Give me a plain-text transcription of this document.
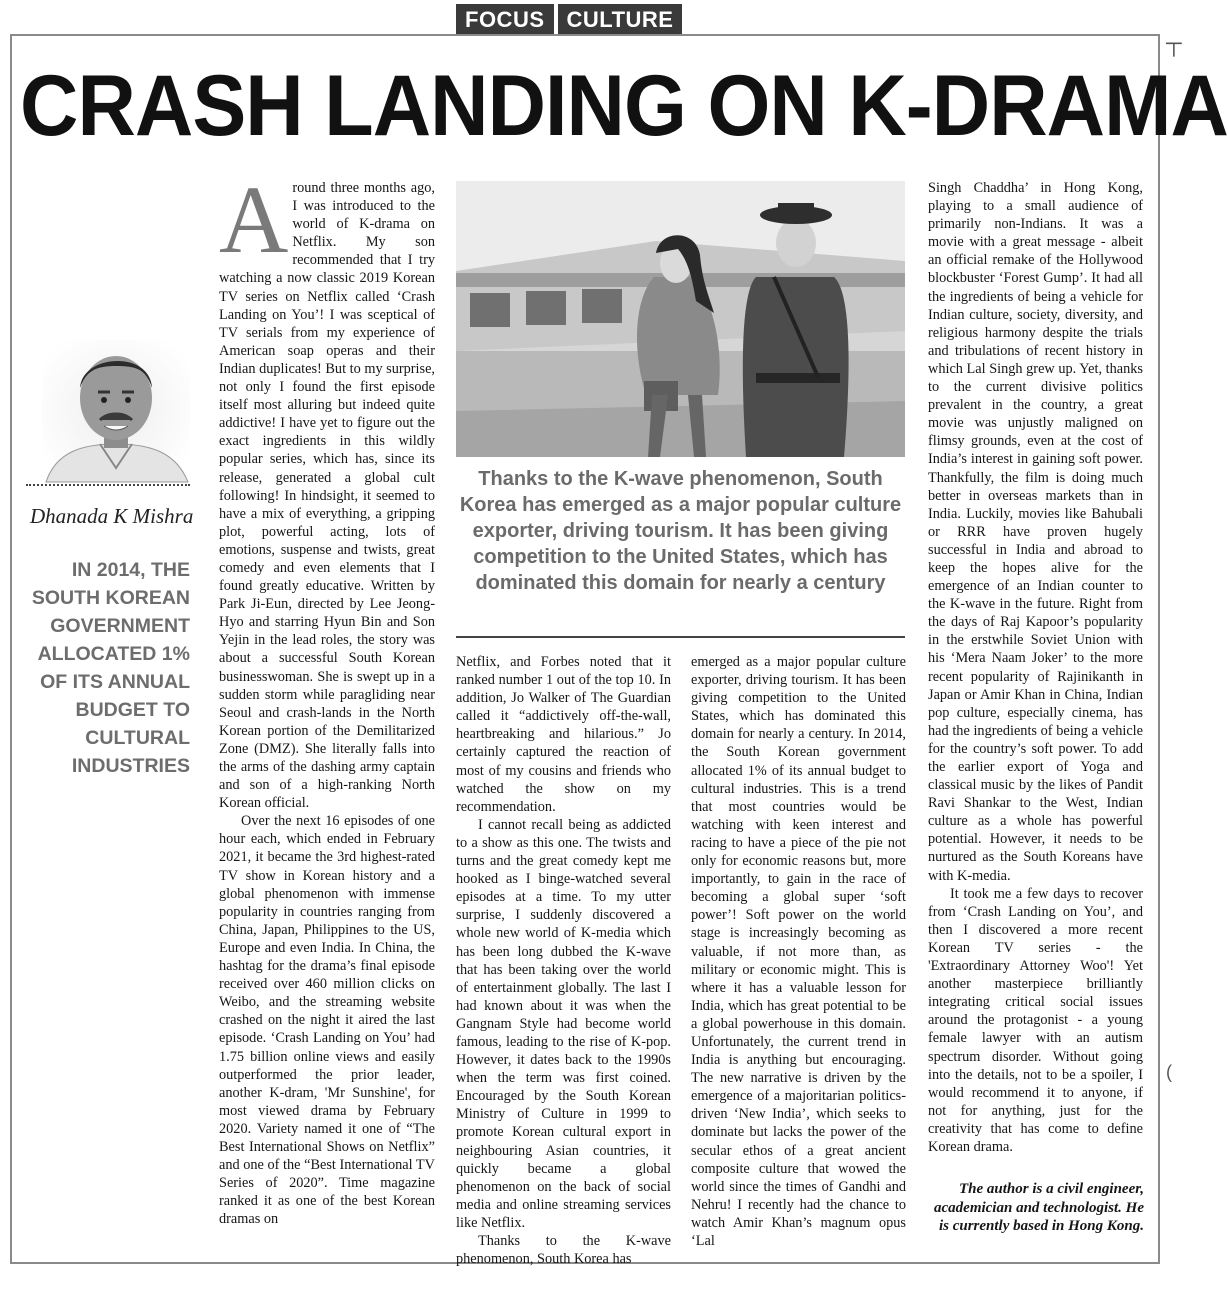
FOCUS	CULTURE
┬
(
CRASH LANDING ON K-DRAMA
Dhanada K Mishra
IN 2014, THE SOUTH KOREAN GOVERNMENT ALLOCATED 1% OF ITS ANNUAL BUDGET TO CULTURAL INDUSTRIES
A round three months ago, I was introduced to the world of K-drama on Netflix. My son recommended that I try watching a now classic 2019 Korean TV series on Netflix called ‘Crash Landing on You’! I was sceptical of TV serials from my experience of American soap operas and their Indian duplicates! But to my surprise, not only I found the first episode itself most alluring but indeed quite addictive! I have yet to figure out the exact ingredients in this wildly popular series, which has, since its release, generated a global cult following! In hindsight, it seemed to have a mix of everything, a gripping plot, powerful acting, lots of emotions, suspense and twists, great comedy and even elements that I found greatly educative. Written by Park Ji-Eun, directed by Lee Jeong-Hyo and starring Hyun Bin and Son Yejin in the lead roles, the story was about a successful South Korean businesswoman. She is swept up in a sudden storm while paragliding near Seoul and crash-lands in the North Korean portion of the Demilitarized Zone (DMZ). She literally falls into the arms of the dashing army captain and son of a high-ranking North Korean official.

Over the next 16 episodes of one hour each, which ended in February 2021, it became the 3rd highest-rated TV show in Korean history and a global phenomenon with immense popularity in countries ranging from China, Japan, Philippines to the US, Europe and even India. In China, the hashtag for the drama’s final episode received over 460 million clicks on Weibo, and the streaming website crashed on the night it aired the last episode. ‘Crash Landing on You’ had 1.75 billion online views and easily outperformed the prior leader, another K-dram, 'Mr Sunshine', for most viewed drama by February 2020. Variety named it one of “The Best International Shows on Netflix” and one of the “Best International TV Series of 2020”. Time magazine ranked it as one of the best Korean dramas on

Thanks to the K-wave phenomenon, South Korea has emerged as a major popular culture exporter, driving tourism. It has been giving competition to the United States, which has dominated this domain for nearly a century

Netflix, and Forbes noted that it ranked number 1 out of the top 10. In addition, Jo Walker of The Guardian called it “addictively off-the-wall, heartbreaking and hilarious.” Jo certainly captured the reaction of most of my cousins and friends who watched the show on my recommendation.

I cannot recall being as addicted to a show as this one. The twists and turns and the great comedy kept me hooked as I binge-watched several episodes at a time. To my utter surprise, I suddenly discovered a whole new world of K-media which has been long dubbed the K-wave that has been taking over the world of entertainment globally. The last I had known about it was when the Gangnam Style had become world famous, leading to the rise of K-pop. However, it dates back to the 1990s when the term was first coined. Encouraged by the South Korean Ministry of Culture in 1999 to promote Korean cultural export in neighbouring Asian countries, it quickly became a global phenomenon on the back of social media and online streaming services like Netflix.

Thanks to the K-wave phenomenon, South Korea has

emerged as a major popular culture exporter, driving tourism. It has been giving competition to the United States, which has dominated this domain for nearly a century. In 2014, the South Korean government allocated 1% of its annual budget to cultural industries. This is a trend that most countries would be watching with keen interest and racing to have a piece of the pie not only for economic reasons but, more importantly, to gain in the race of becoming a global super ‘soft power’! Soft power on the world stage is increasingly becoming as valuable, if not more than, as military or economic might. This is where it has a valuable lesson for India, which has great potential to be a global powerhouse in this domain. Unfortunately, the current trend in India is anything but encouraging. The new narrative is driven by the emergence of a majoritarian politics-driven ‘New India’, which seeks to dominate but lacks the power of the secular ethos of a great ancient composite culture that wowed the world since the times of Gandhi and Nehru! I recently had the chance to watch Amir Khan’s magnum opus ‘Lal

Singh Chaddha’ in Hong Kong, playing to a small audience of primarily non-Indians. It was a movie with a great message - albeit an official remake of the Hollywood blockbuster ‘Forest Gump’. It had all the ingredients of being a vehicle for Indian culture, society, diversity, and religious harmony despite the trials and tribulations of recent history in which Lal Singh grew up. Yet, thanks to the current divisive politics prevalent in the country, a great movie was unjustly maligned on flimsy grounds, even at the cost of India’s interest in gaining soft power. Thankfully, the film is doing much better in overseas markets than in India. Luckily, movies like Bahubali or RRR have proven hugely successful in India and abroad to keep the hopes alive for the emergence of an Indian counter to the K-wave in the future. Right from the days of Raj Kapoor’s popularity in the erstwhile Soviet Union with his ‘Mera Naam Joker’ to the more recent popularity of Rajinikanth in Japan or Amir Khan in China, Indian pop culture, especially cinema, has had the ingredients of being a vehicle for the country’s soft power. To add the earlier export of Yoga and classical music by the likes of Pandit Ravi Shankar to the West, Indian culture as a whole has powerful potential. However, it needs to be nurtured as the South Koreans have with K-media.

It took me a few days to recover from ‘Crash Landing on You’, and then I discovered a more recent Korean TV series - the 'Extraordinary Attorney Woo'! Yet another masterpiece brilliantly integrating critical social issues around the protagonist - a young female lawyer with an autism spectrum disorder. Without going into the details, not to be a spoiler, I would recommend it to anyone, if not for anything, just for the creativity that has come to define Korean drama.

The author is a civil engineer, academician and technologist. He is currently based in Hong Kong.
